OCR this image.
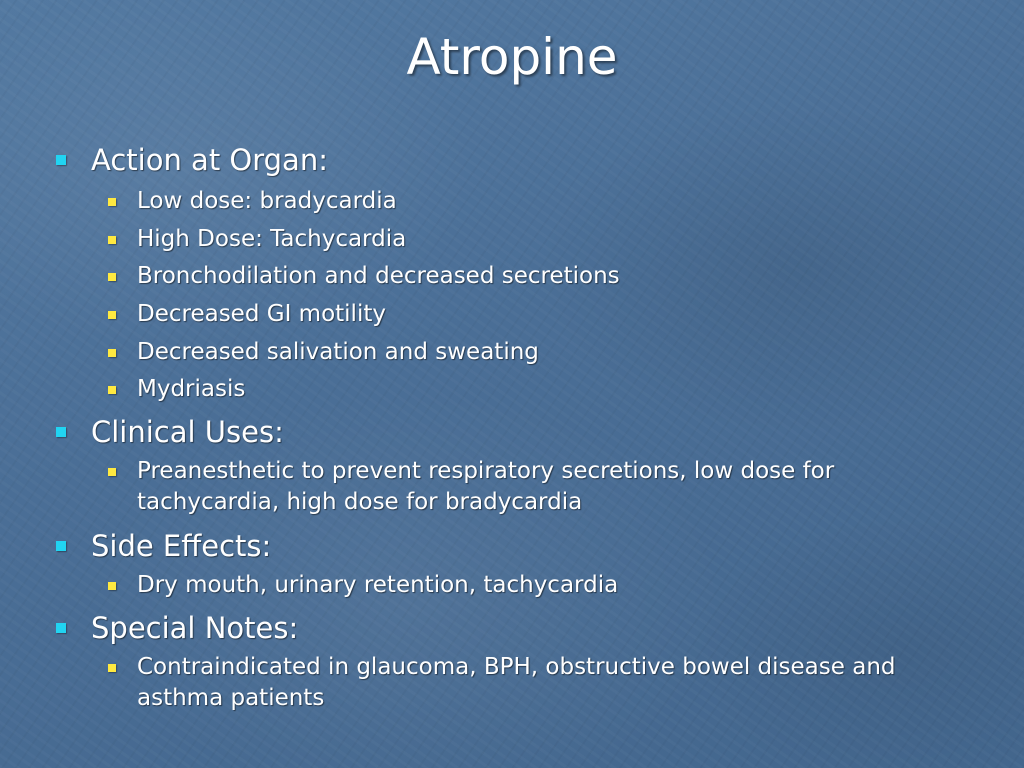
Atropine
Action at Organ:
Low dose: bradycardia
High Dose: Tachycardia
Bronchodilation and decreased secretions
Decreased GI motility
Decreased salivation and sweating
Mydriasis
Clinical Uses:
Preanesthetic to prevent respiratory secretions, low dose for
tachycardia, high dose for bradycardia
Side Effects:
Dry mouth, urinary retention, tachycardia
Special Notes:
Contraindicated in glaucoma, BPH, obstructive bowel disease and
asthma patients
